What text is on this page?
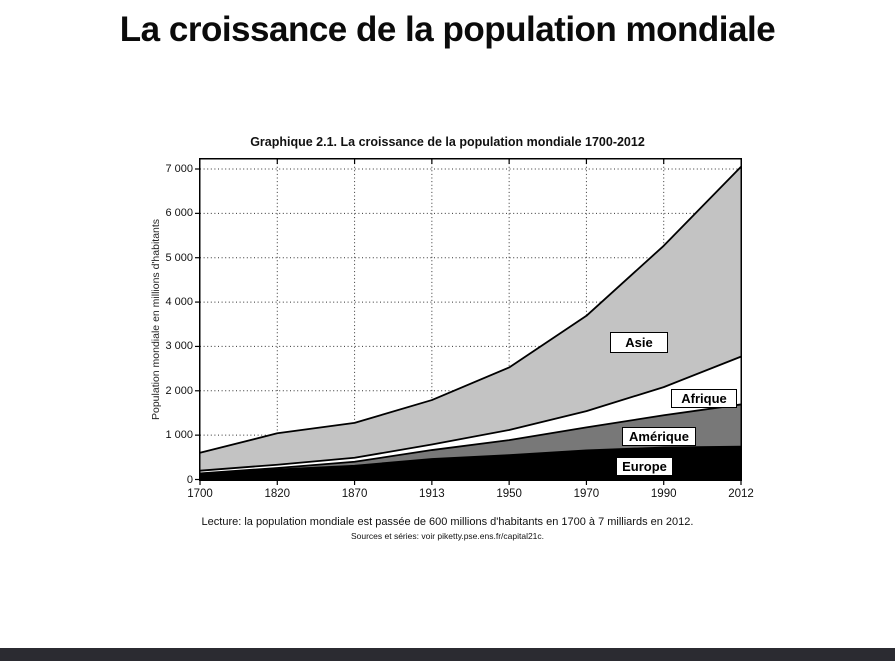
La croissance de la population mondiale
Graphique 2.1. La croissance de la population mondiale 1700-2012
Population mondiale en millions d'habitants
0
1 000
2 000
3 000
4 000
5 000
6 000
7 000
1700	1820	1870	1913	1950	1970	1990	2012
Asie
Afrique
Amérique
Europe
Lecture: la population mondiale est passée de 600 millions d'habitants en 1700 à 7 milliards en 2012.
Sources et séries: voir piketty.pse.ens.fr/capital21c.
